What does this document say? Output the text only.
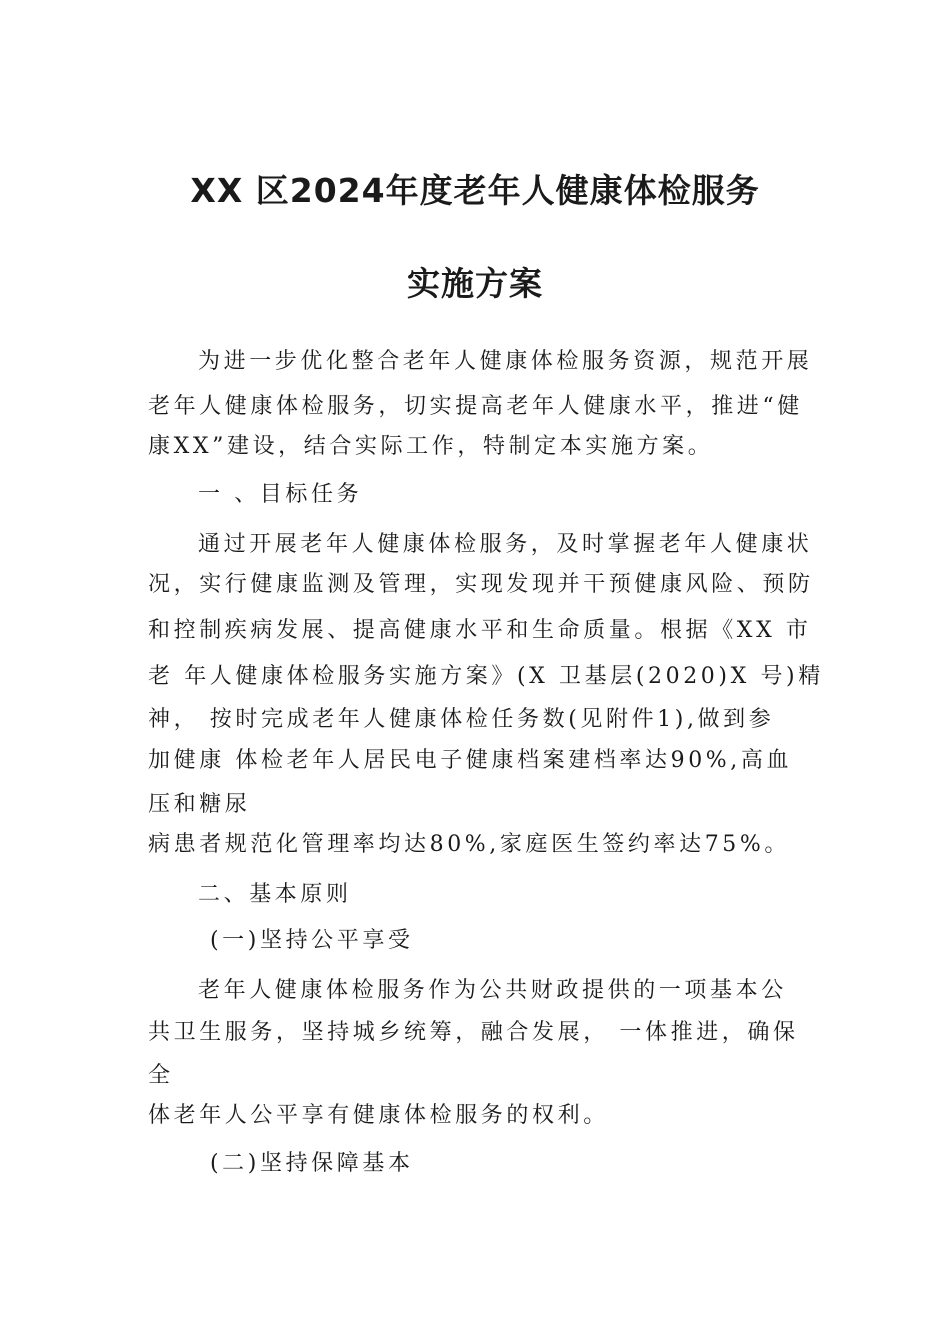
XX 区2024年度老年人健康体检服务
实施方案
为进一步优化整合老年人健康体检服务资源，规范开展
老年人健康体检服务，切实提高老年人健康水平，推进“健
康XX”建设，结合实际工作，特制定本实施方案。
一 、目标任务
通过开展老年人健康体检服务，及时掌握老年人健康状
况，实行健康监测及管理，实现发现并干预健康风险、预防
和控制疾病发展、提高健康水平和生命质量。根据《XX 市
老 年人健康体检服务实施方案》(X 卫基层(2020)X 号)精
神， 按时完成老年人健康体检任务数(见附件1),做到参
加健康 体检老年人居民电子健康档案建档率达90%,高血
压和糖尿
病患者规范化管理率均达80%,家庭医生签约率达75%。
二、基本原则
(一)坚持公平享受
老年人健康体检服务作为公共财政提供的一项基本公
共卫生服务，坚持城乡统筹，融合发展， 一体推进，确保
全
体老年人公平享有健康体检服务的权利。
(二)坚持保障基本
